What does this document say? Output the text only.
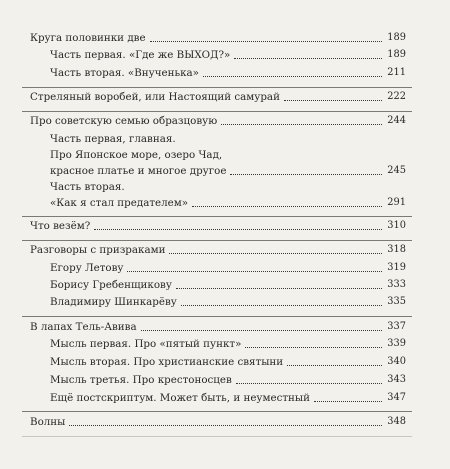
Круга половинки две	189
Часть первая. «Где же ВЫХОД?»	189
Часть вторая. «Внученька»	211
Стреляный воробей, или Настоящий самурай	222
Про советскую семью образцовую	244
Часть первая, главная.
Про Японское море, озеро Чад,
красное платье и многое другое	245
Часть вторая.
«Как я стал предателем»	291
Что везём?	310
Разговоры с призраками	318
Егору Летову	319
Борису Гребенщикову	333
Владимиру Шинкарёву	335
В лапах Тель-Авива	337
Мысль первая. Про «пятый пункт»	339
Мысль вторая. Про христианские святыни	340
Мысль третья. Про крестоносцев	343
Ещё постскриптум. Может быть, и неуместный	347
Волны	348
